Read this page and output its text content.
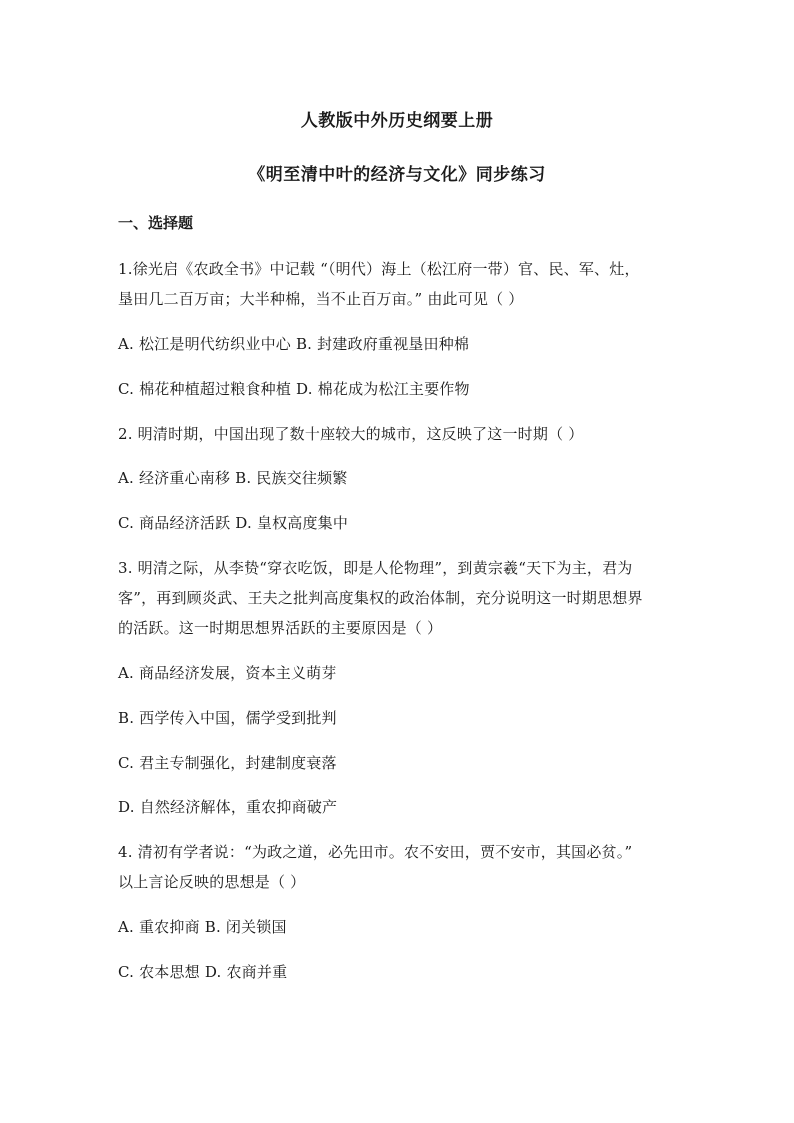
人教版中外历史纲要上册
《明至清中叶的经济与文化》同步练习
一、选择题
1.徐光启《农政全书》中记载 “（明代）海上（松江府一带）官、民、军、灶，
垦田几二百万亩；大半种棉，当不止百万亩。” 由此可见（ ）
A. 松江是明代纺织业中心 B. 封建政府重视垦田种棉
C. 棉花种植超过粮食种植 D. 棉花成为松江主要作物
2. 明清时期，中国出现了数十座较大的城市，这反映了这一时期（ ）
A. 经济重心南移 B. 民族交往频繁
C. 商品经济活跃 D. 皇权高度集中
3. 明清之际，从李贽“穿衣吃饭，即是人伦物理”，到黄宗羲“天下为主，君为
客”，再到顾炎武、王夫之批判高度集权的政治体制，充分说明这一时期思想界
的活跃。这一时期思想界活跃的主要原因是（ ）
A. 商品经济发展，资本主义萌芽
B. 西学传入中国，儒学受到批判
C. 君主专制强化，封建制度衰落
D. 自然经济解体，重农抑商破产
4. 清初有学者说：“为政之道，必先田市。农不安田，贾不安市，其国必贫。”
以上言论反映的思想是（ ）
A. 重农抑商 B. 闭关锁国
C. 农本思想 D. 农商并重
